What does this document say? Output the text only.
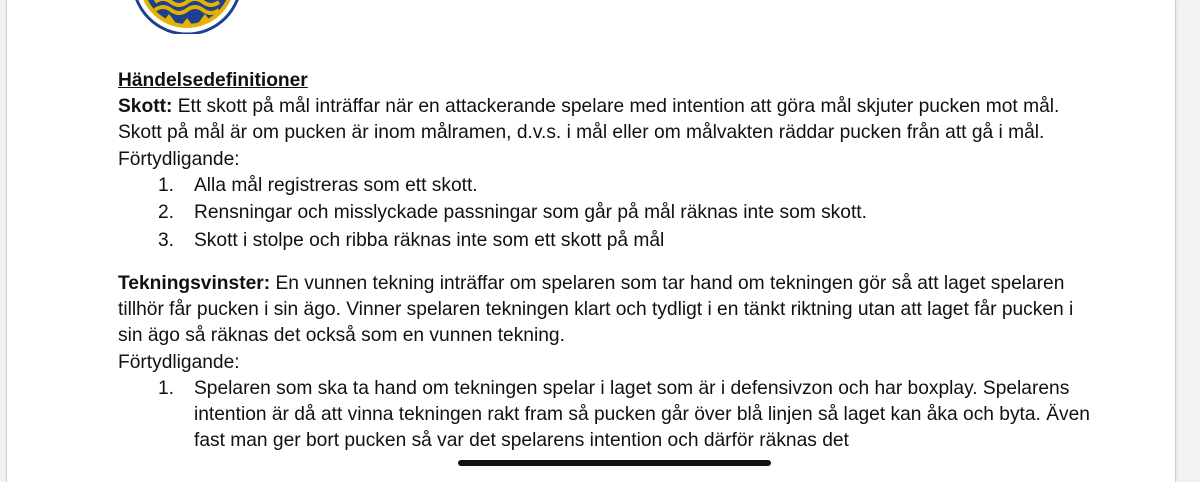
Händelsedefinitioner

Skott: Ett skott på mål inträffar när en attackerande spelare med intention att göra mål skjuter pucken mot mål. Skott på mål är om pucken är inom målramen, d.v.s. i mål eller om målvakten räddar pucken från att gå i mål.

Förtydligande:

1. Alla mål registreras som ett skott.
2. Rensningar och misslyckade passningar som går på mål räknas inte som skott.
3. Skott i stolpe och ribba räknas inte som ett skott på mål

Tekningsvinster: En vunnen tekning inträffar om spelaren som tar hand om tekningen gör så att laget spelaren tillhör får pucken i sin ägo. Vinner spelaren tekningen klart och tydligt i en tänkt riktning utan att laget får pucken i sin ägo så räknas det också som en vunnen tekning.

Förtydligande:

1. Spelaren som ska ta hand om tekningen spelar i laget som är i defensivzon och har boxplay. Spelarens intention är då att vinna tekningen rakt fram så pucken går över blå linjen så laget kan åka och byta. Även fast man ger bort pucken så var det spelarens intention och därför räknas det
